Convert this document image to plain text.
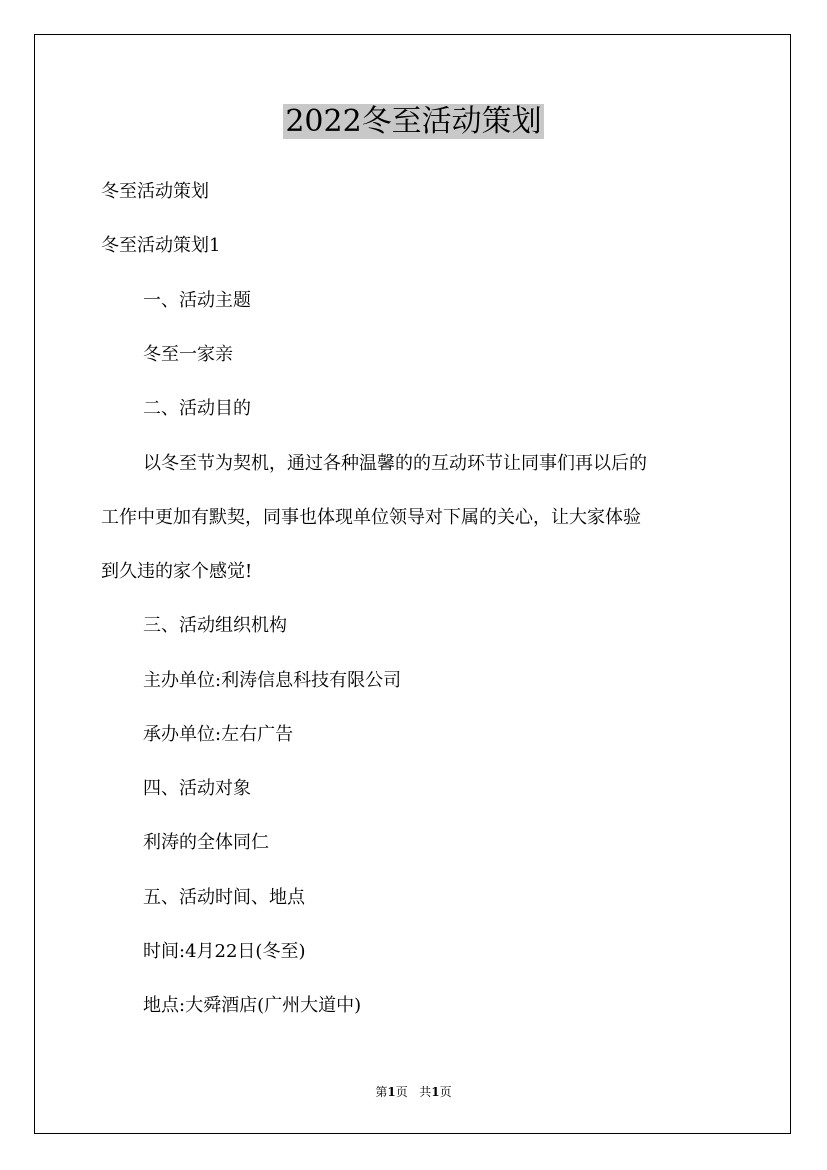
2022冬至活动策划
冬至活动策划
冬至活动策划1
一、活动主题
冬至一家亲
二、活动目的
以冬至节为契机，通过各种温馨的的互动环节让同事们再以后的
工作中更加有默契，同事也体现单位领导对下属的关心，让大家体验
到久违的家个感觉!
三、活动组织机构
主办单位:利涛信息科技有限公司
承办单位:左右广告
四、活动对象
利涛的全体同仁
五、活动时间、地点
时间:4月22日(冬至)
地点:大舜酒店(广州大道中)
第1页 共1页
